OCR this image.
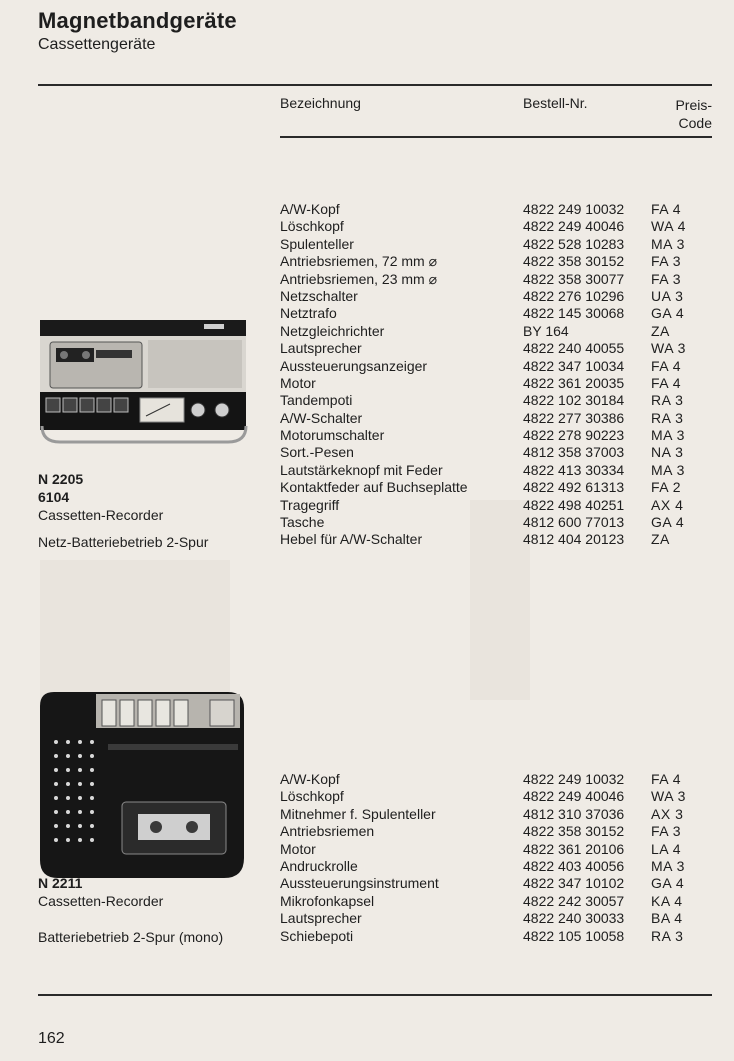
Magnetbandgeräte
Cassettengeräte
Bezeichnung	Bestell-Nr.	Preis-
Code
N 2205
6104
Cassetten-Recorder
Netz-Batteriebetrieb 2-Spur
A/W-Kopf	4822 249 10032	FA 4
Löschkopf	4822 249 40046	WA 4
Spulenteller	4822 528 10283	MA 3
Antriebsriemen, 72 mm ⌀	4822 358 30152	FA 3
Antriebsriemen, 23 mm ⌀	4822 358 30077	FA 3
Netzschalter	4822 276 10296	UA 3
Netztrafo	4822 145 30068	GA 4
Netzgleichrichter	BY 164	ZA
Lautsprecher	4822 240 40055	WA 3
Aussteuerungsanzeiger	4822 347 10034	FA 4
Motor	4822 361 20035	FA 4
Tandempoti	4822 102 30184	RA 3
A/W-Schalter	4822 277 30386	RA 3
Motorumschalter	4822 278 90223	MA 3
Sort.-Pesen	4812 358 37003	NA 3
Lautstärkeknopf mit Feder	4822 413 30334	MA 3
Kontaktfeder auf Buchseplatte	4822 492 61313	FA 2
Tragegriff	4822 498 40251	AX 4
Tasche	4812 600 77013	GA 4
Hebel für A/W-Schalter	4812 404 20123	ZA
N 2211
Cassetten-Recorder
Batteriebetrieb 2-Spur (mono)
A/W-Kopf	4822 249 10032	FA 4
Löschkopf	4822 249 40046	WA 3
Mitnehmer f. Spulenteller	4812 310 37036	AX 3
Antriebsriemen	4822 358 30152	FA 3
Motor	4822 361 20106	LA 4
Andruckrolle	4822 403 40056	MA 3
Aussteuerungsinstrument	4822 347 10102	GA 4
Mikrofonkapsel	4822 242 30057	KA 4
Lautsprecher	4822 240 30033	BA 4
Schiebepoti	4822 105 10058	RA 3
162
